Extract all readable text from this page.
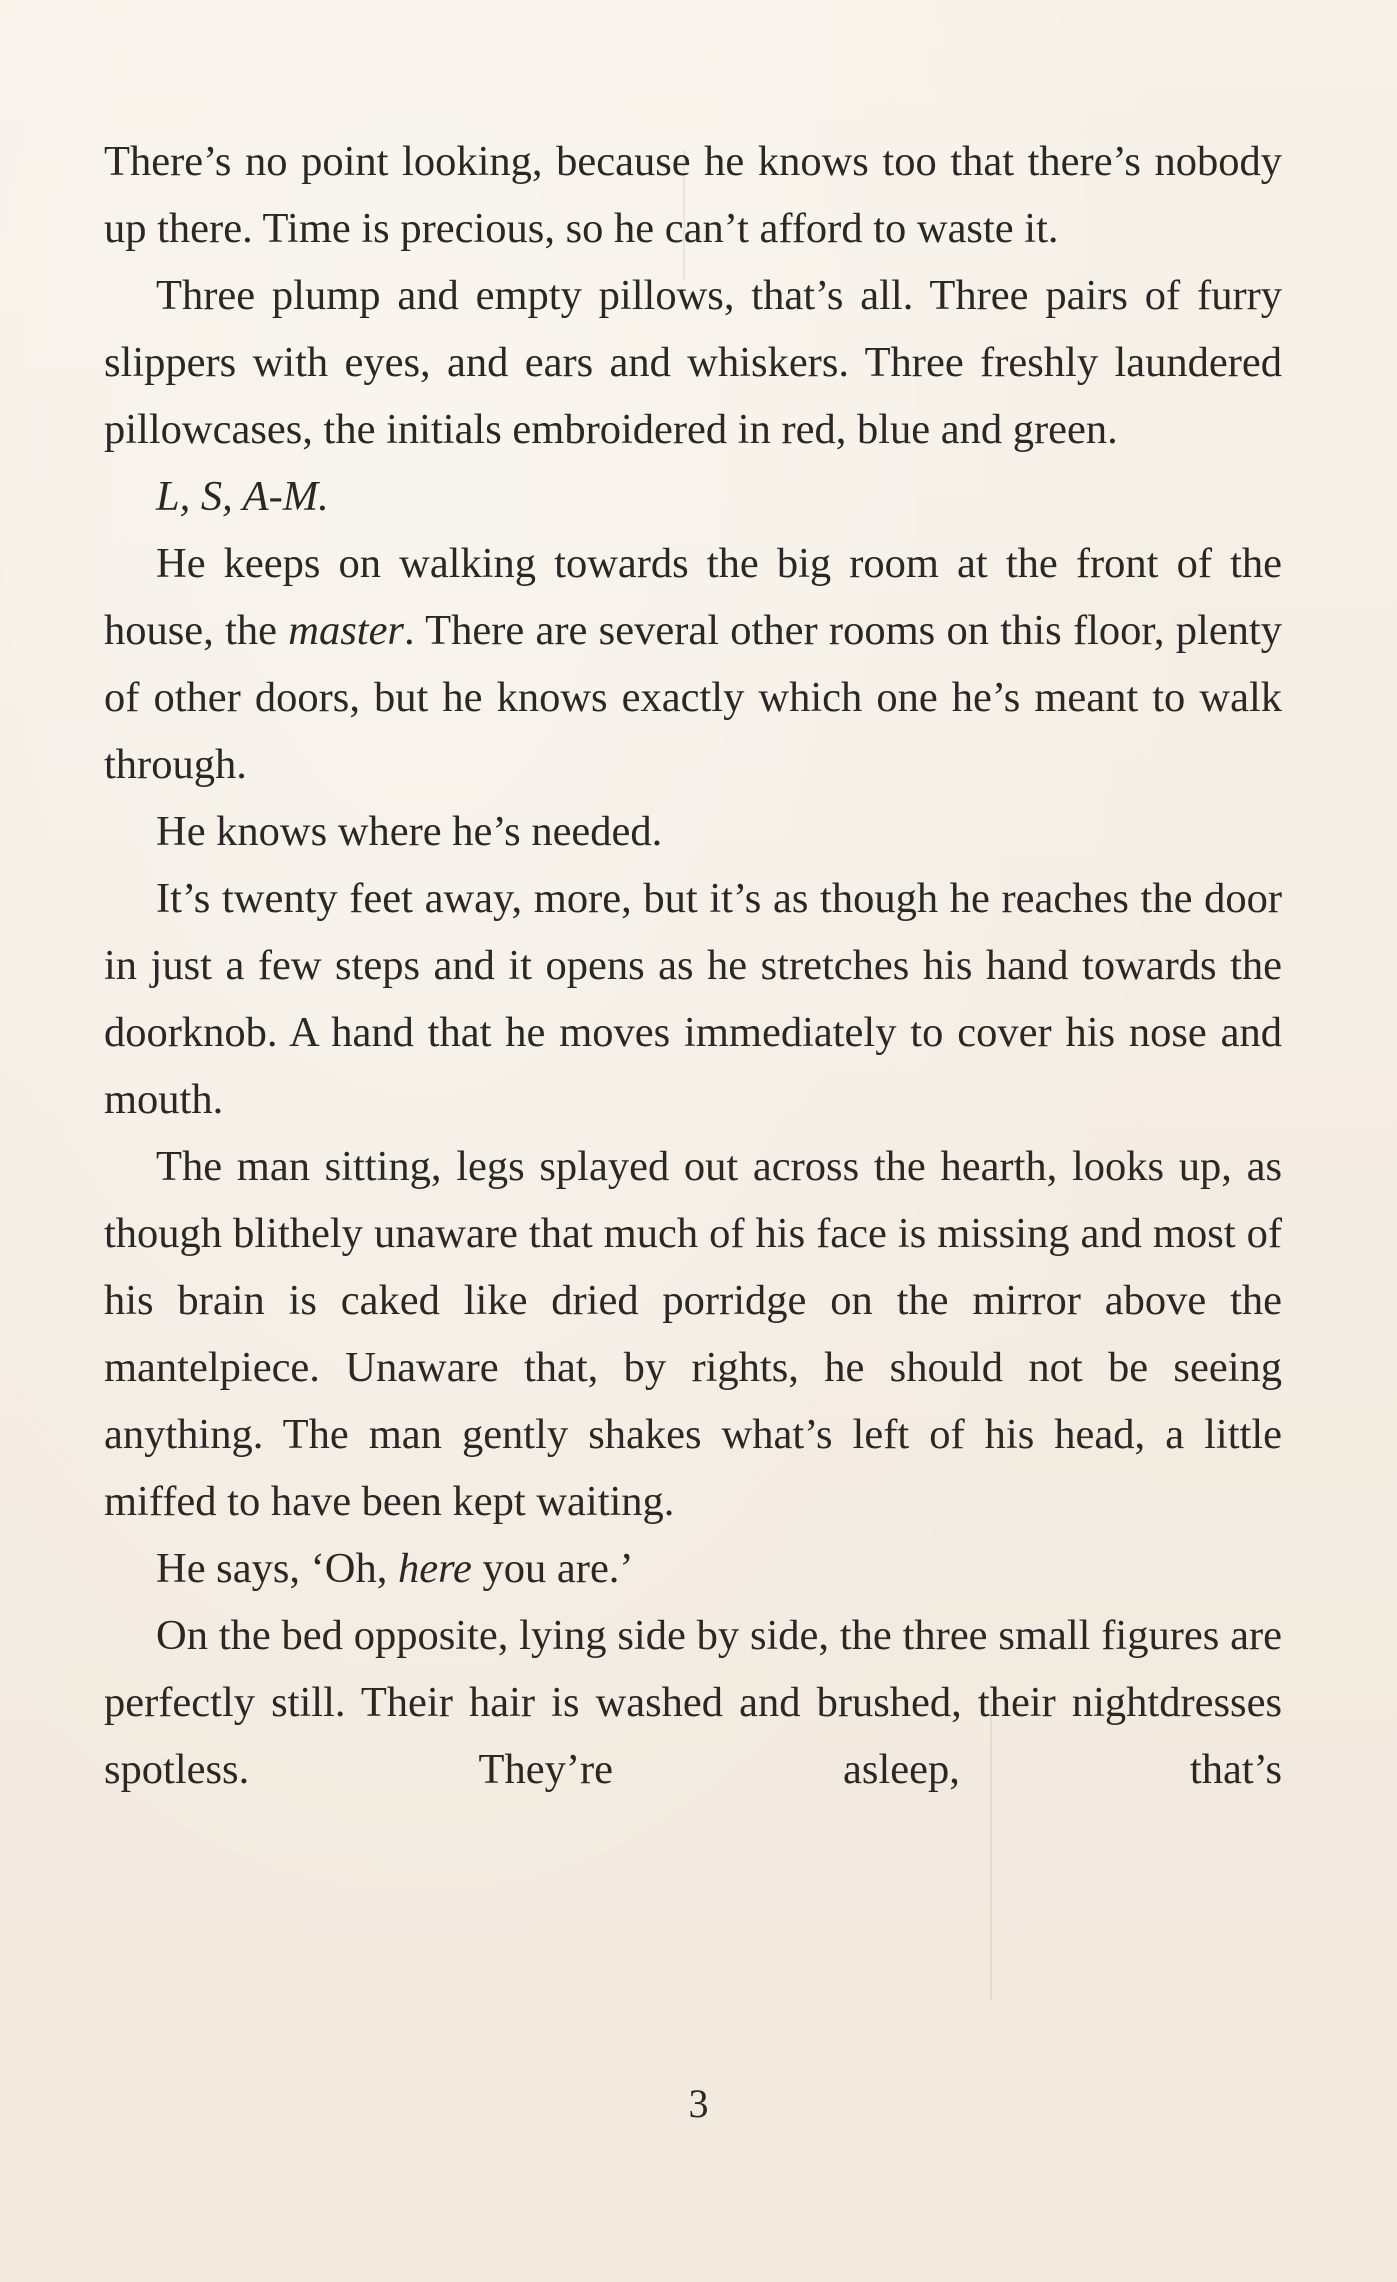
There’s no point looking, because he knows too that there’s nobody up there. Time is precious, so he can’t afford to waste it.

Three plump and empty pillows, that’s all. Three pairs of furry slippers with eyes, and ears and whiskers. Three freshly laundered pillowcases, the initials embroidered in red, blue and green.

L, S, A-M.

He keeps on walking towards the big room at the front of the house, the master. There are several other rooms on this floor, plenty of other doors, but he knows exactly which one he’s meant to walk through.

He knows where he’s needed.

It’s twenty feet away, more, but it’s as though he reaches the door in just a few steps and it opens as he stretches his hand towards the doorknob. A hand that he moves immediately to cover his nose and mouth.

The man sitting, legs splayed out across the hearth, looks up, as though blithely unaware that much of his face is missing and most of his brain is caked like dried porridge on the mirror above the mantelpiece. Unaware that, by rights, he should not be seeing anything. The man gently shakes what’s left of his head, a little miffed to have been kept waiting.

He says, ‘Oh, here you are.’

On the bed opposite, lying side by side, the three small figures are perfectly still. Their hair is washed and brushed, their nightdresses spotless. They’re asleep, that’s

3
